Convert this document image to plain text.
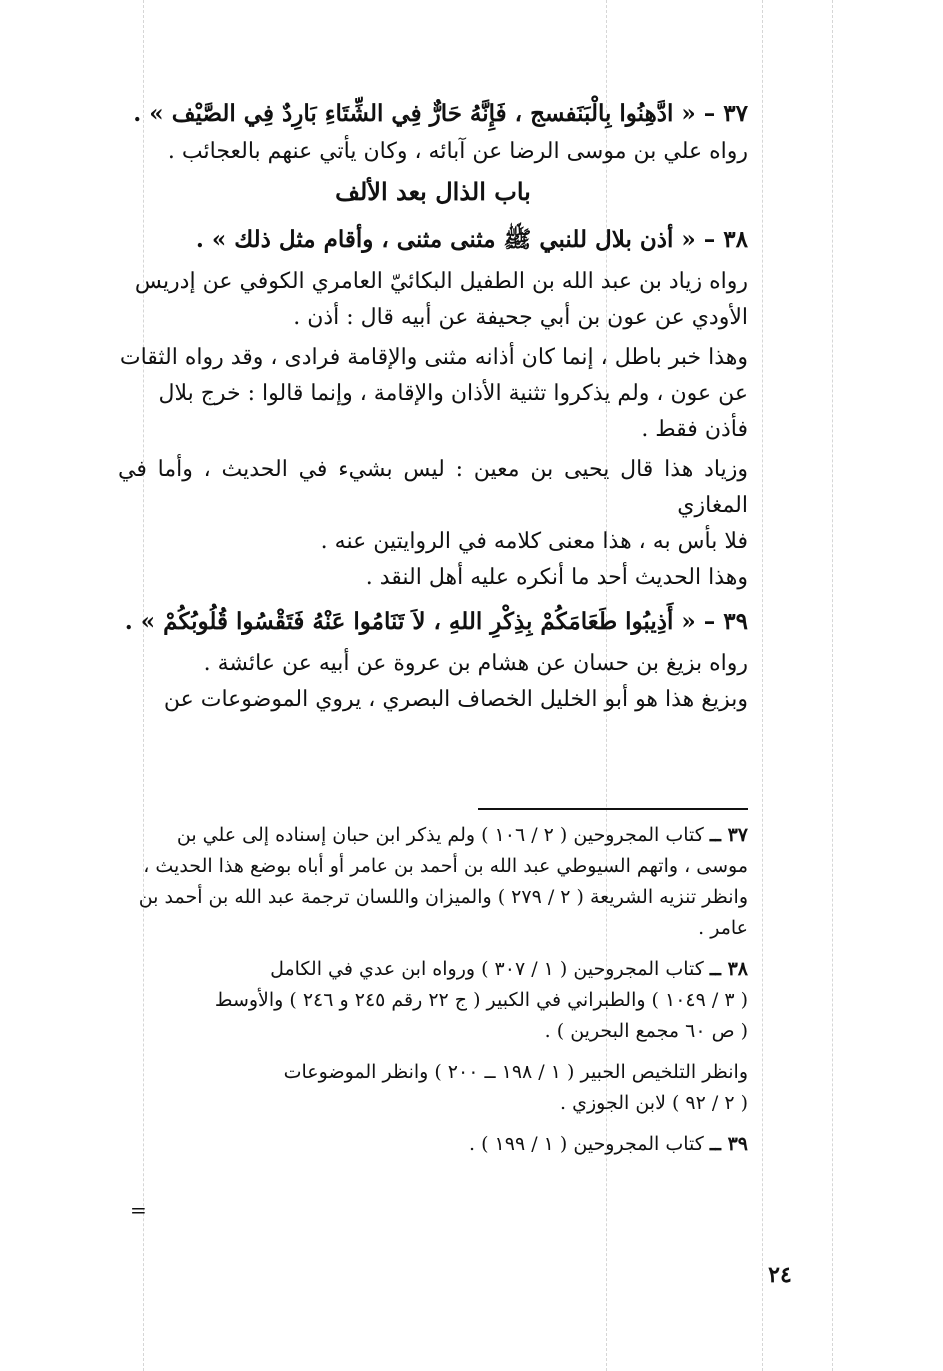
٣٧ – « ادَّهِنُوا بِالْبَنَفسج ، فَإِنَّهُ حَارٌّ فِي الشِّتَاءِ بَارِدٌ فِي الصَّيْف » .
رواه علي بن موسى الرضا عن آبائه ، وكان يأتي عنهم بالعجائب .
باب الذال بعد الألف
٣٨ – « أذن بلال للنبي ﷺ مثنى مثنى ، وأقام مثل ذلك » .
رواه زياد بن عبد الله بن الطفيل البكائيّ العامري الكوفي عن إدريس
الأودي عن عون بن أبي جحيفة عن أبيه قال : أذن .
وهذا خبر باطل ، إنما كان أذانه مثنى والإقامة فرادى ، وقد رواه الثقات
عن عون ، ولم يذكروا تثنية الأذان والإقامة ، وإنما قالوا : خرج بلال
فأذن فقط .
وزياد هذا قال يحيى بن معين : ليس بشيء في الحديث ، وأما في المغازي
فلا بأس به ، هذا معنى كلامه في الروايتين عنه .
وهذا الحديث أحد ما أنكره عليه أهل النقد .
٣٩ – « أَذِيبُوا طَعَامَكُمْ بِذِكْرِ اللهِ ، لاَ تَنَامُوا عَنْهُ فَتَقْسُوا قُلُوبُكُمْ » .
رواه بزيغ بن حسان عن هشام بن عروة عن أبيه عن عائشة .
وبزيغ هذا هو أبو الخليل الخصاف البصري ، يروي الموضوعات عن
٣٧ ــ كتاب المجروحين ( ٢ / ١٠٦ ) ولم يذكر ابن حبان إسناده إلى علي بن
موسى ، واتهم السيوطي عبد الله بن أحمد بن عامر أو أباه بوضع هذا الحديث ،
وانظر تنزيه الشريعة ( ٢ / ٢٧٩ ) والميزان واللسان ترجمة عبد الله بن أحمد بن
عامر .
٣٨ ــ كتاب المجروحين ( ١ / ٣٠٧ ) ورواه ابن عدي في الكامل
( ٣ / ١٠٤٩ ) والطبراني في الكبير ( ج ٢٢ رقم ٢٤٥ و ٢٤٦ ) والأوسط
( ص ٦٠ مجمع البحرين ) .
وانظر التلخيص الحبير ( ١ / ١٩٨ ــ ٢٠٠ ) وانظر الموضوعات
( ٢ / ٩٢ ) لابن الجوزي .
٣٩ ــ كتاب المجروحين ( ١ / ١٩٩ ) .
=
٢٤
